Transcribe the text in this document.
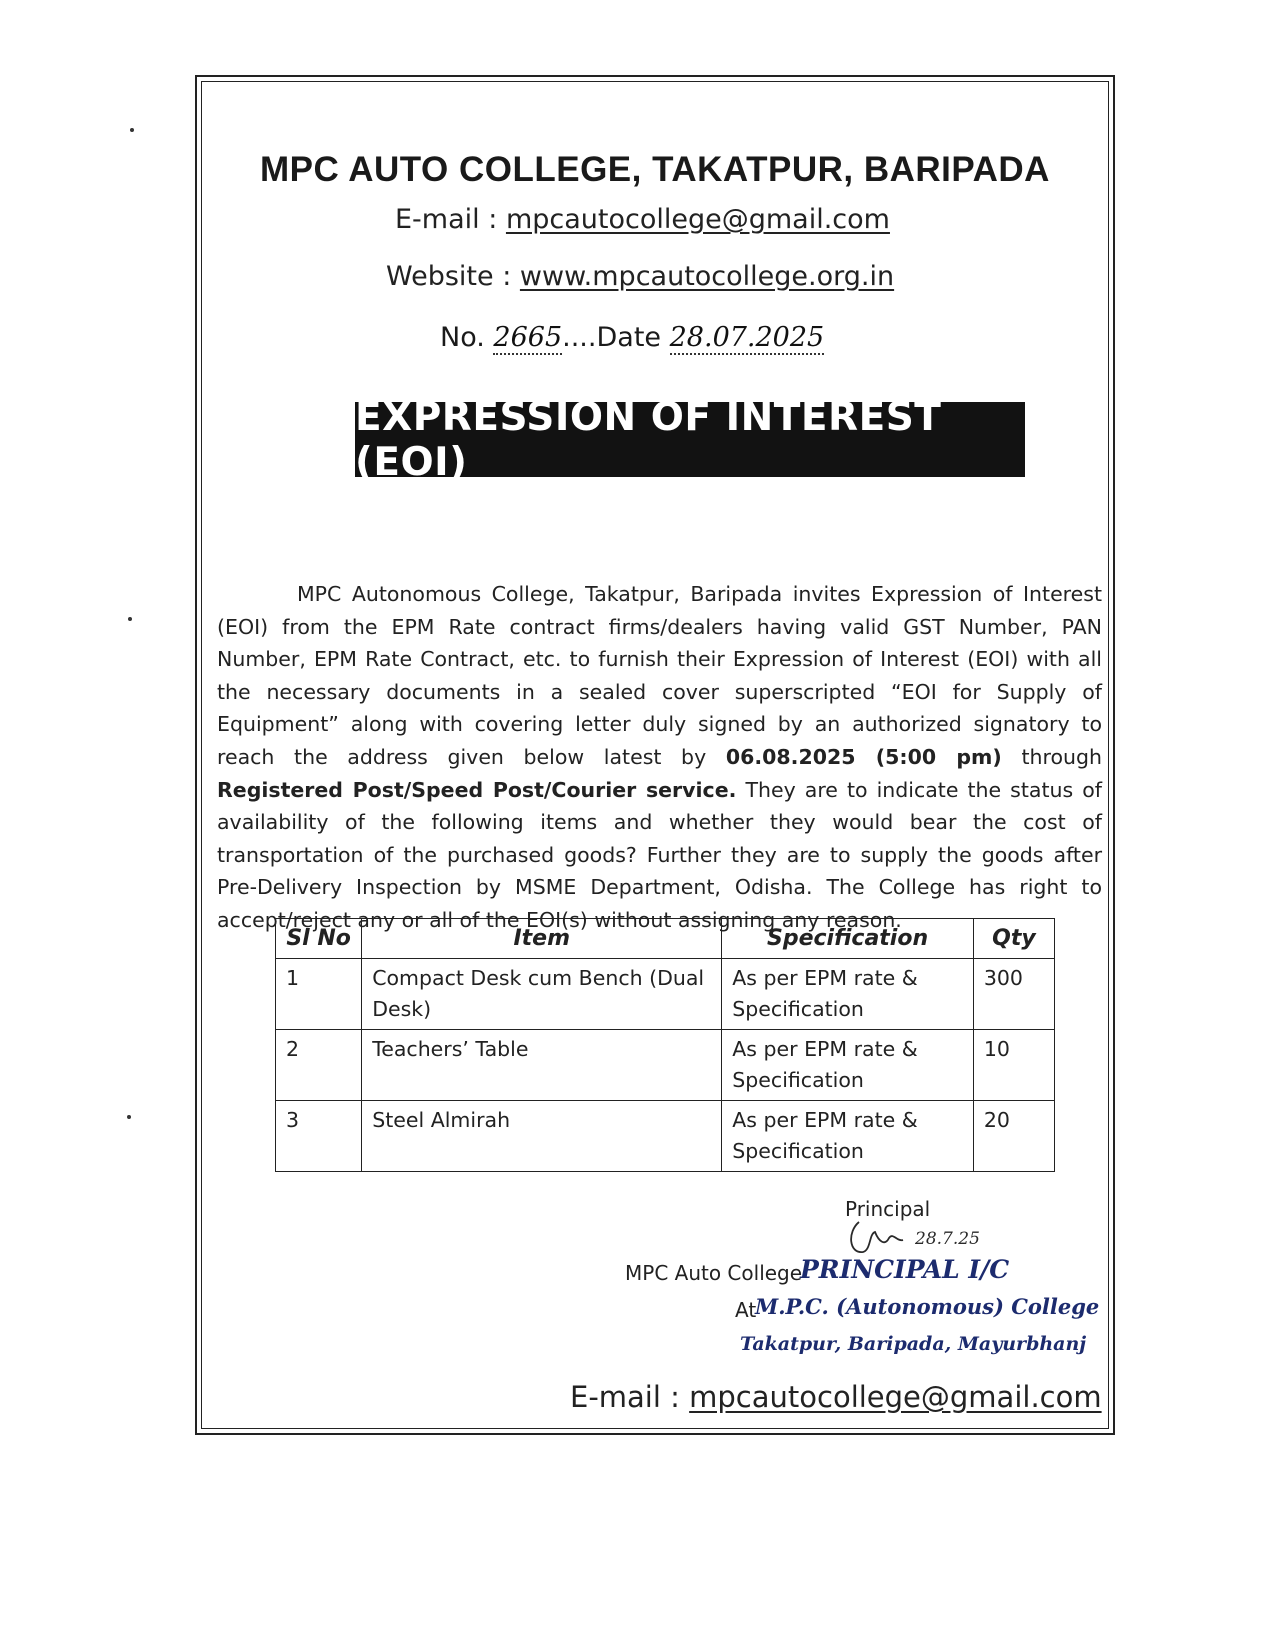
MPC AUTO COLLEGE, TAKATPUR, BARIPADA
E-mail : mpcautocollege@gmail.com
Website : www.mpcautocollege.org.in
No. 2665....Date 28.07.2025
EXPRESSION OF INTEREST (EOI)
MPC Autonomous College, Takatpur, Baripada invites Expression of Interest (EOI) from the EPM Rate contract firms/dealers having valid GST Number, PAN Number, EPM Rate Contract, etc. to furnish their Expression of Interest (EOI) with all the necessary documents in a sealed cover superscripted “EOI for Supply of Equipment” along with covering letter duly signed by an authorized signatory to reach the address given below latest by 06.08.2025 (5:00 pm) through Registered Post/Speed Post/Courier service. They are to indicate the status of availability of the following items and whether they would bear the cost of transportation of the purchased goods? Further they are to supply the goods after Pre-Delivery Inspection by MSME Department, Odisha. The College has right to accept/reject any or all of the EOI(s) without assigning any reason.
Sl No	Item	Specification	Qty
1	Compact Desk cum Bench (Dual Desk)	As per EPM rate & Specification	300
2	Teachers’ Table	As per EPM rate & Specification	10
3	Steel Almirah	As per EPM rate & Specification	20
Principal
28.7.25
MPC Auto College
PRINCIPAL I/C
At
M.P.C. (Autonomous) College
Takatpur, Baripada, Mayurbhanj
E-mail : mpcautocollege@gmail.com
